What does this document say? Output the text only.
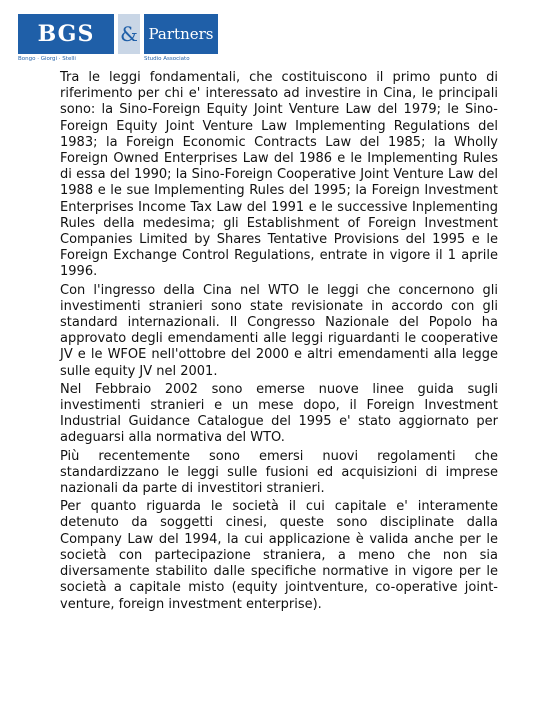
BGS	& Partners
Bongo · Giorgi · Stelli	Studio Associato

Tra le leggi fondamentali, che costituiscono il primo punto di riferimento per chi e' interessato ad investire in Cina, le principali sono: la Sino-Foreign Equity Joint Venture Law del 1979; le Sino-Foreign Equity Joint Venture Law Implementing Regulations del 1983; la Foreign Economic Contracts Law del 1985; la Wholly Foreign Owned Enterprises Law del 1986 e le Implementing Rules di essa del 1990; la Sino-Foreign Cooperative Joint Venture Law del 1988 e le sue Implementing Rules del 1995; la Foreign Investment Enterprises Income Tax Law del 1991 e le successive Inplementing Rules della medesima; gli Establishment of Foreign Investment Companies Limited by Shares Tentative Provisions del 1995 e le Foreign Exchange Control Regulations, entrate in vigore il 1 aprile 1996.

Con l'ingresso della Cina nel WTO le leggi che concernono gli investimenti stranieri sono state revisionate in accordo con gli standard internazionali. Il Congresso Nazionale del Popolo ha approvato degli emendamenti alle leggi riguardanti le cooperative JV e le WFOE nell'ottobre del 2000 e altri emendamenti alla legge sulle equity JV nel 2001.

Nel Febbraio 2002 sono emerse nuove linee guida sugli investimenti stranieri e un mese dopo, il Foreign Investment Industrial Guidance Catalogue del 1995 e' stato aggiornato per adeguarsi alla normativa del WTO.

Più recentemente sono emersi nuovi regolamenti che standardizzano le leggi sulle fusioni ed acquisizioni di imprese nazionali da parte di investitori stranieri.

Per quanto riguarda le società il cui capitale e' interamente detenuto da soggetti cinesi, queste sono disciplinate dalla Company Law del 1994, la cui applicazione è valida anche per le società con partecipazione straniera, a meno che non sia diversamente stabilito dalle specifiche normative in vigore per le società a capitale misto (equity jointventure, co-operative joint-venture, foreign investment enterprise).
